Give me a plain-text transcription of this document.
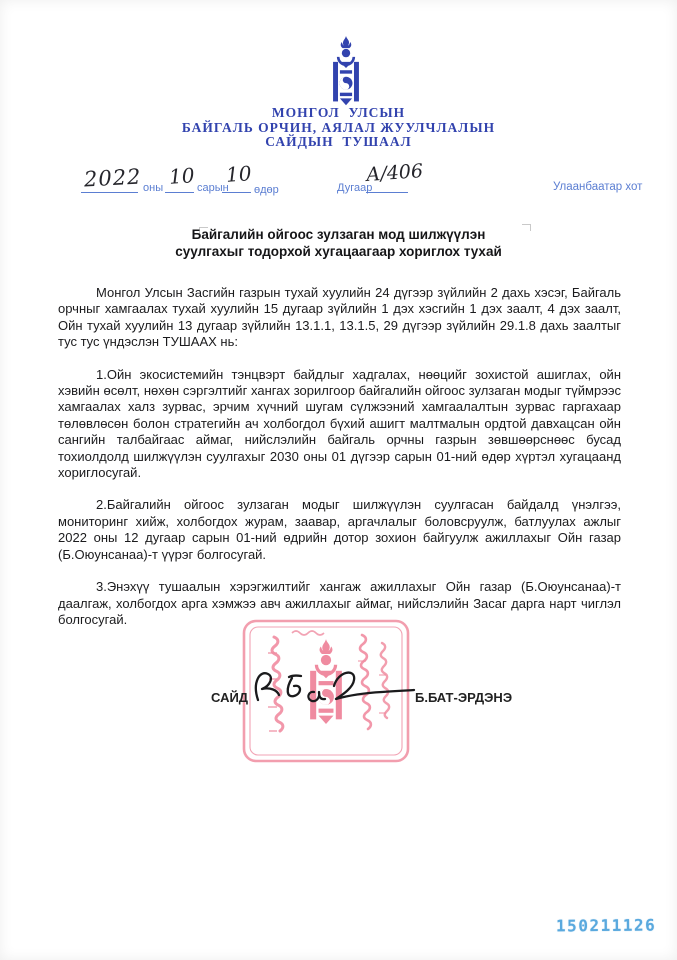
МОНГОЛ  УЛСЫН
БАЙГАЛЬ ОРЧИН, АЯЛАЛ ЖУУЛЧЛАЛЫН
САЙДЫН  ТУШААЛ
2022 оны 10 сарын
10
өдөр	Дугаар
А/406
Улаанбаатар хот
Байгалийн ойгоос зулзаган мод шилжүүлэн
суулгахыг тодорхой хугацаагаар хориглох тухай

Монгол Улсын Засгийн газрын тухай хуулийн 24 дүгээр зүйлийн 2 дахь хэсэг, Байгаль орчныг хамгаалах тухай хуулийн 15 дугаар зүйлийн 1 дэх хэсгийн 1 дэх заалт, 4 дэх заалт, Ойн тухай хуулийн 13 дугаар зүйлийн 13.1.1, 13.1.5, 29 дүгээр зүйлийн 29.1.8 дахь заалтыг тус тус үндэслэн ТУШААХ нь:

1.Ойн экосистемийн тэнцвэрт байдлыг хадгалах, нөөцийг зохистой ашиглах, ойн хэвийн өсөлт, нөхөн сэргэлтийг хангах зорилгоор байгалийн ойгоос зулзаган модыг түймрээс хамгаалах халз зурвас, эрчим хүчний шугам сүлжээний хамгаалалтын зурвас гаргахаар төлөвлөсөн болон стратегийн ач холбогдол бүхий ашигт малтмалын ордтой давхацсан ойн сангийн талбайгаас аймаг, нийслэлийн байгаль орчны газрын зөвшөөрснөөс бусад тохиолдолд шилжүүлэн суулгахыг 2030 оны 01 дүгээр сарын 01-ний өдөр хүртэл хугацаанд хориглосугай.

2.Байгалийн ойгоос зулзаган модыг шилжүүлэн суулгасан байдалд үнэлгээ, мониторинг хийж, холбогдох журам, заавар, аргачлалыг боловсруулж, батлуулах ажлыг 2022 оны 12 дугаар сарын 01-ний өдрийн дотор зохион байгуулж ажиллахыг Ойн газар (Б.Оюунсанаа)-т үүрэг болгосугай.

3.Энэхүү тушаалын хэрэгжилтийг хангаж ажиллахыг Ойн газар (Б.Оюунсанаа)-т даалгаж, холбогдох арга хэмжээ авч ажиллахыг аймаг, нийслэлийн Засаг дарга нарт чиглэл болгосугай.

САЙД	Б.БАТ-ЭРДЭНЭ
150211126
